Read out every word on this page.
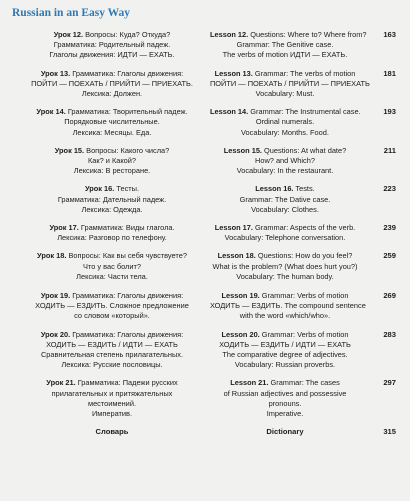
Russian in an Easy Way
Урок 12. Вопросы: Куда? Откуда?
Грамматика: Родительный падеж.
Глаголы движения: ИДТИ — ЕХАТЬ.
Lesson 12. Questions: Where to? Where from?
Grammar: The Genitive case.
The verbs of motion ИДТИ — ЕХАТЬ.
163
Урок 13. Грамматика: Глаголы движения:
ПОЙТИ — ПОЕХАТЬ / ПРИЙТИ — ПРИЕХАТЬ.
Лексика: Должен.
Lesson 13. Grammar: The verbs of motion
ПОЙТИ — ПОЕХАТЬ / ПРИЙТИ — ПРИЕХАТЬ
Vocabulary: Must.
181
Урок 14. Грамматика: Творительный падеж.
Порядковые числительные.
Лексика: Месяцы. Еда.
Lesson 14. Grammar: The Instrumental case.
Ordinal numerals.
Vocabulary: Months. Food.
193
Урок 15. Вопросы: Какого числа?
Как? и Какой?
Лексика: В ресторане.
Lesson 15. Questions: At what date?
How? and Which?
Vocabulary: In the restaurant.
211
Урок 16. Тесты.
Грамматика: Дательный падеж.
Лексика: Одежда.
Lesson 16. Tests.
Grammar: The Dative case.
Vocabulary: Clothes.
223
Урок 17. Грамматика: Виды глагола.
Лексика: Разговор по телефону.
Lesson 17. Grammar: Aspects of the verb.
Vocabulary: Telephone conversation.
239
Урок 18. Вопросы: Как вы себя чувствуете?
Что у вас болит?
Лексика: Части тела.
Lesson 18. Questions: How do you feel?
What is the problem? (What does hurt you?)
Vocabulary: The human body.
259
Урок 19. Грамматика: Глаголы движения:
ХОДИТЬ — ЕЗДИТЬ. Сложное предложение
со словом «который».
Lesson 19. Grammar: Verbs of motion
ХОДИТЬ — ЕЗДИТЬ. The compound sentence
with the word «which/who».
269
Урок 20. Грамматика: Глаголы движения:
ХОДИТЬ — ЕЗДИТЬ / ИДТИ — ЕХАТЬ
Сравнительная степень прилагательных.
Лексика: Русские пословицы.
Lesson 20. Grammar: Verbs of motion
ХОДИТЬ — ЕЗДИТЬ / ИДТИ — ЕХАТЬ
The comparative degree of adjectives.
Vocabulary: Russian proverbs.
283
Урок 21. Грамматика: Падежи русских
прилагательных и притяжательных
местоимений.
Императив.
Lesson 21. Grammar: The cases
of Russian adjectives and possessive
pronouns.
Imperative.
297
Словарь	Dictionary	315
